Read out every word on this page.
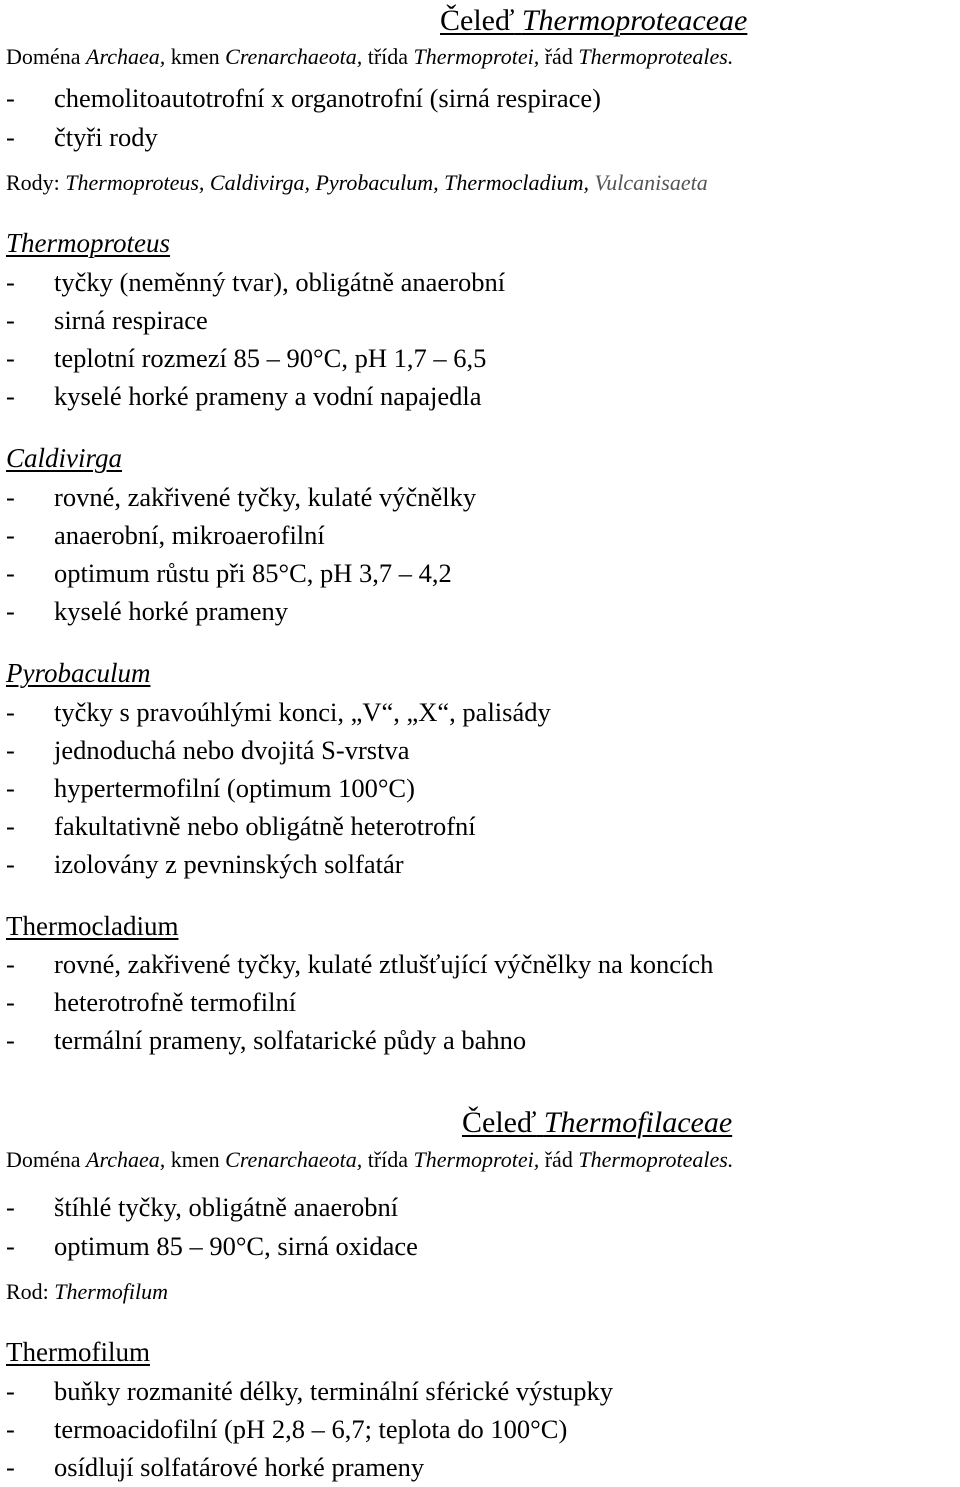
Čeleď Thermoproteaceae
Doména Archaea, kmen Crenarchaeota, třída Thermoprotei, řád Thermoproteales.
- chemolitoautotrofní x organotrofní (sirná respirace)
- čtyři rody
Rody: Thermoproteus, Caldivirga, Pyrobaculum, Thermocladium, Vulcanisaeta
Thermoproteus
- tyčky (neměnný tvar), obligátně anaerobní
- sirná respirace
- teplotní rozmezí 85 – 90°C, pH 1,7 – 6,5
- kyselé horké prameny a vodní napajedla
Caldivirga
- rovné, zakřivené tyčky, kulaté výčnělky
- anaerobní, mikroaerofilní
- optimum růstu při 85°C, pH 3,7 – 4,2
- kyselé horké prameny
Pyrobaculum
- tyčky s pravoúhlými konci, „V“, „X“, palisády
- jednoduchá nebo dvojitá S-vrstva
- hypertermofilní (optimum 100°C)
- fakultativně nebo obligátně heterotrofní
- izolovány z pevninských solfatár
Thermocladium
- rovné, zakřivené tyčky, kulaté ztlušťující výčnělky na koncích
- heterotrofně termofilní
- termální prameny, solfatarické půdy a bahno
Čeleď Thermofilaceae
Doména Archaea, kmen Crenarchaeota, třída Thermoprotei, řád Thermoproteales.
- štíhlé tyčky, obligátně anaerobní
- optimum 85 – 90°C, sirná oxidace
Rod: Thermofilum
Thermofilum
- buňky rozmanité délky, terminální sférické výstupky
- termoacidofilní (pH 2,8 – 6,7; teplota do 100°C)
- osídlují solfatárové horké prameny
